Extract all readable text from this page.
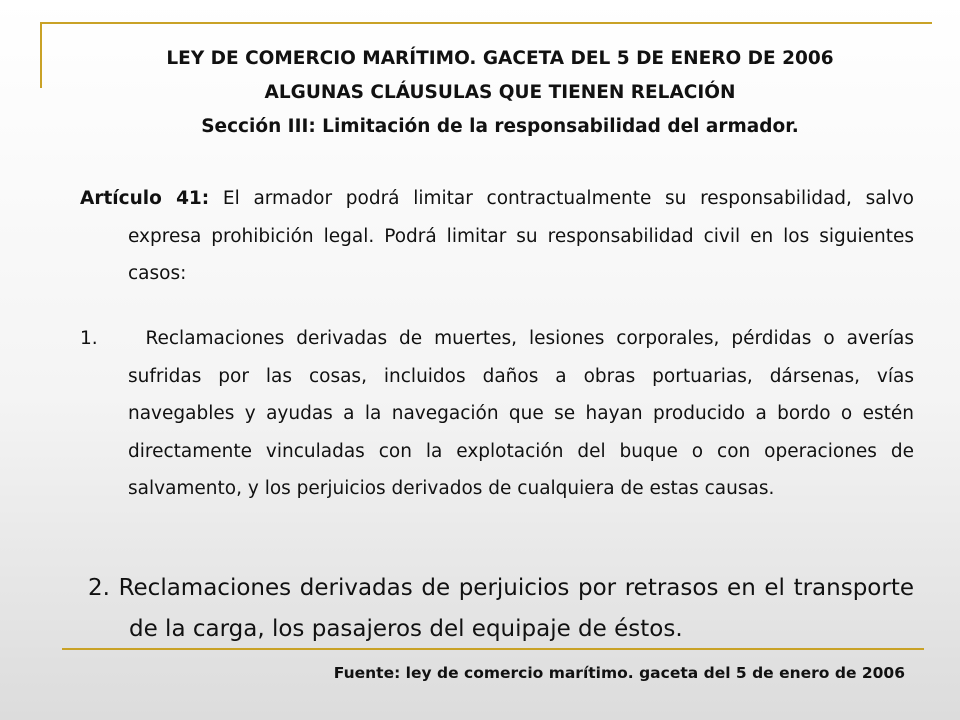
LEY DE COMERCIO MARÍTIMO. GACETA DEL 5 DE ENERO DE 2006
ALGUNAS CLÁUSULAS QUE TIENEN RELACIÓN
Sección III: Limitación de la responsabilidad del armador.
Artículo 41: El armador podrá limitar contractualmente su responsabilidad, salvo expresa prohibición legal. Podrá limitar su responsabilidad civil en los siguientes casos:
1.	Reclamaciones derivadas de muertes, lesiones corporales, pérdidas o averías sufridas por las cosas, incluidos daños a obras portuarias, dársenas, vías navegables y ayudas a la navegación que se hayan producido a bordo o estén directamente vinculadas con la explotación del buque o con operaciones de salvamento, y los perjuicios derivados de cualquiera de estas causas.
2. Reclamaciones derivadas de perjuicios por retrasos en el transporte de la carga, los pasajeros del equipaje de éstos.
Fuente: ley de comercio marítimo. gaceta del 5 de enero de 2006
